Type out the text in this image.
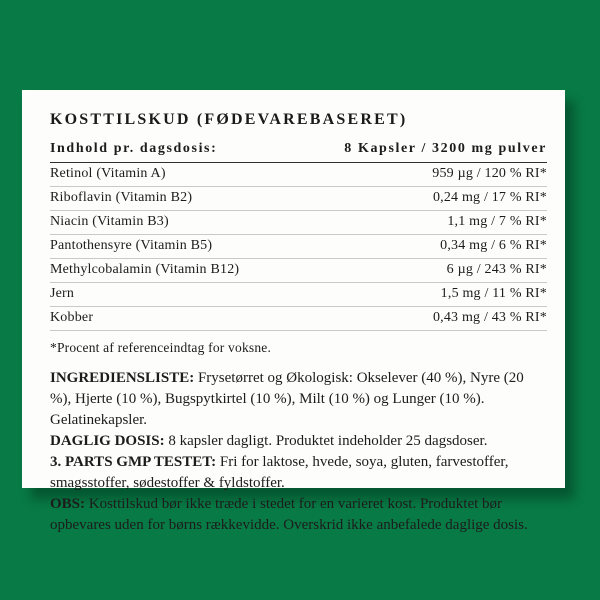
KOSTTILSKUD (FØDEVAREBASERET)
Indhold pr. dagsdosis:	8 Kapsler / 3200 mg pulver
Retinol (Vitamin A)	959 µg / 120 % RI*
Riboflavin (Vitamin B2)	0,24 mg / 17 % RI*
Niacin (Vitamin B3)	1,1 mg / 7 % RI*
Pantothensyre (Vitamin B5)	0,34 mg / 6 % RI*
Methylcobalamin (Vitamin B12)	6 µg / 243 % RI*
Jern	1,5 mg / 11 % RI*
Kobber	0,43 mg / 43 % RI*
*Procent af referenceindtag for voksne.

INGREDIENSLISTE: Frysetørret og Økologisk: Okselever (40 %), Nyre (20 %), Hjerte (10 %), Bugspytkirtel (10 %), Milt (10 %) og Lunger (10 %). Gelatinekapsler.

DAGLIG DOSIS: 8 kapsler dagligt. Produktet indeholder 25 dagsdoser.

3. PARTS GMP TESTET: Fri for laktose, hvede, soya, gluten, farvestoffer, smagsstoffer, sødestoffer & fyldstoffer.

OBS: Kosttilskud bør ikke træde i stedet for en varieret kost. Produktet bør opbevares uden for børns rækkevidde. Overskrid ikke anbefalede daglige dosis.
